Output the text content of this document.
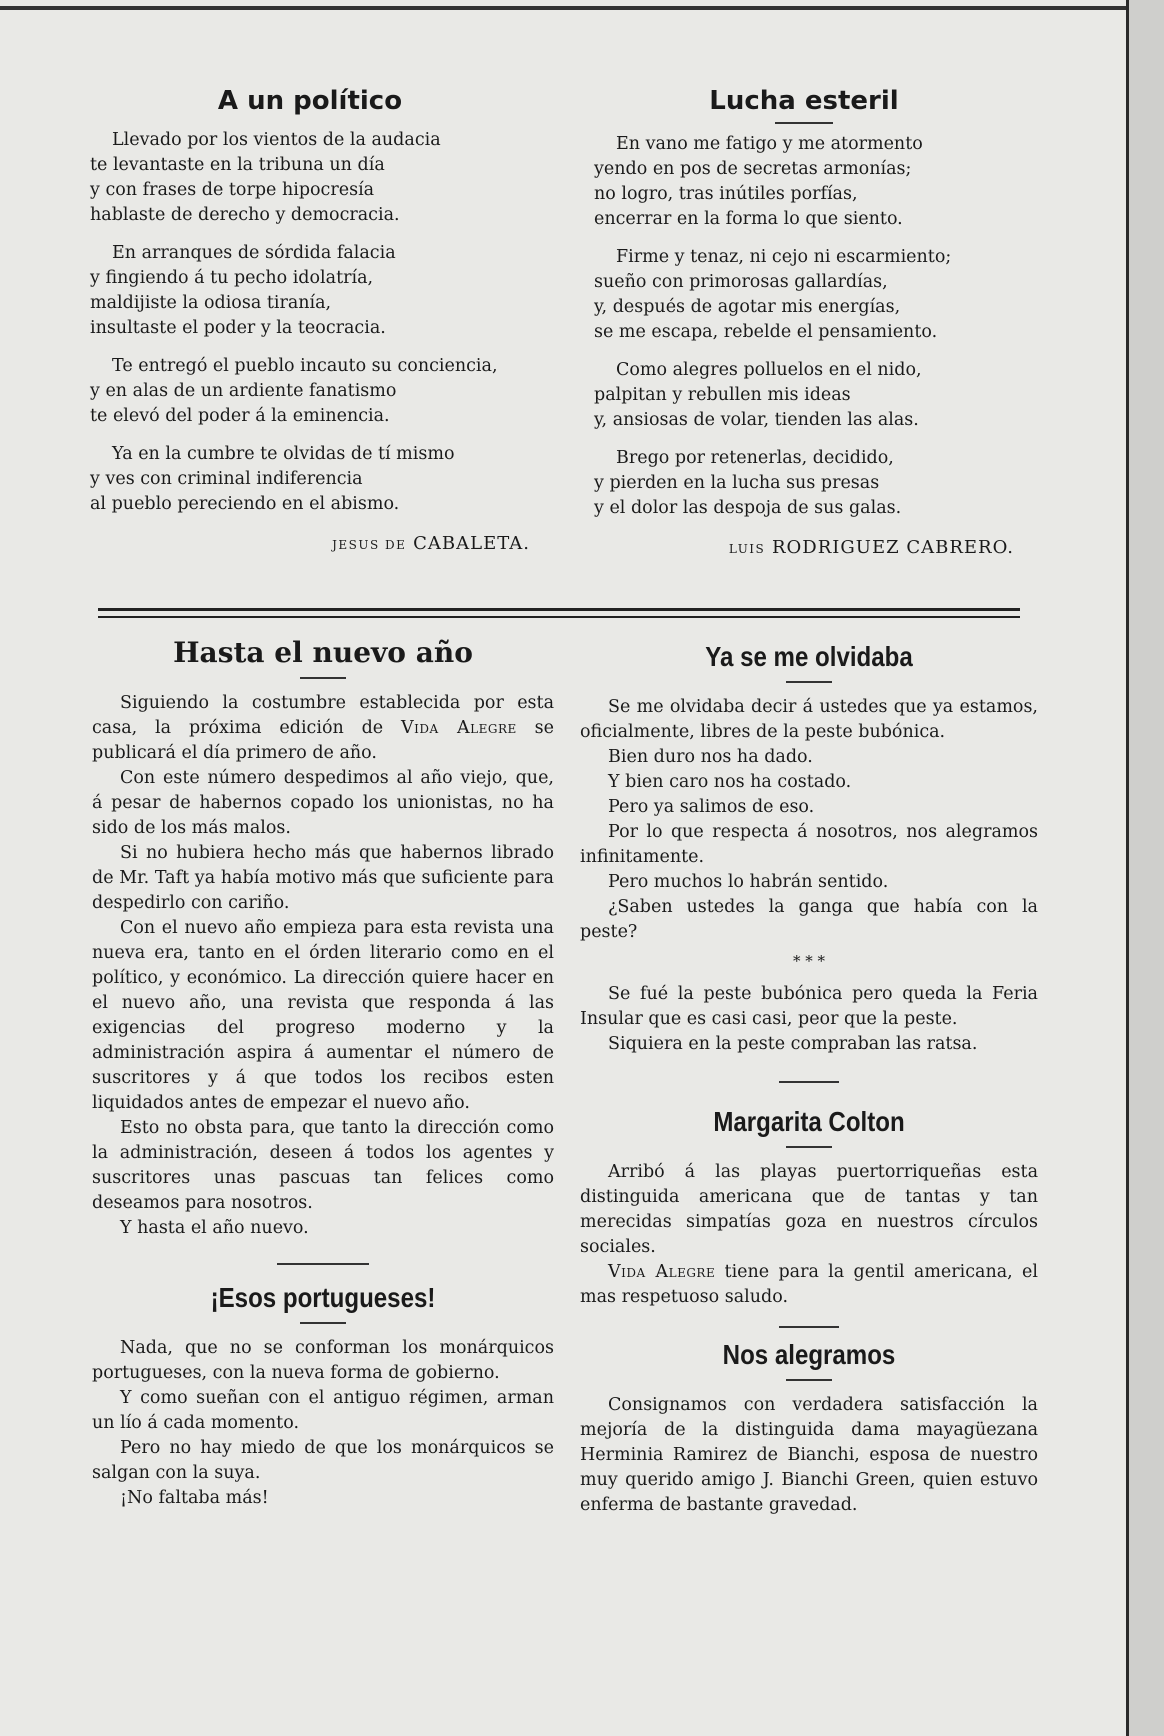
A un político
Llevado por los vientos de la audacia
te levantaste en la tribuna un día
y con frases de torpe hipocresía
hablaste de derecho y democracia.
En arranques de sórdida falacia
y fingiendo á tu pecho idolatría,
maldijiste la odiosa tiranía,
insultaste el poder y la teocracia.
Te entregó el pueblo incauto su conciencia,
y en alas de un ardiente fanatismo
te elevó del poder á la eminencia.
Ya en la cumbre te olvidas de tí mismo
y ves con criminal indiferencia
al pueblo pereciendo en el abismo.
JESUS DE CABALETA.
Lucha esteril
En vano me fatigo y me atormento
yendo en pos de secretas armonías;
no logro, tras inútiles porfías,
encerrar en la forma lo que siento.
Firme y tenaz, ni cejo ni escarmiento;
sueño con primorosas gallardías,
y, después de agotar mis energías,
se me escapa, rebelde el pensamiento.
Como alegres polluelos en el nido,
palpitan y rebullen mis ideas
y, ansiosas de volar, tienden las alas.
Brego por retenerlas, decidido,
y pierden en la lucha sus presas
y el dolor las despoja de sus galas.
LUIS RODRIGUEZ CABRERO.
Hasta el nuevo año

Siguiendo la costumbre establecida por esta casa, la próxima edición de Vida Alegre se publicará el día primero de año.

Con este número despedimos al año viejo, que, á pesar de habernos copado los unionistas, no ha sido de los más malos.

Si no hubiera hecho más que habernos librado de Mr. Taft ya había motivo más que suficiente para despedirlo con cariño.

Con el nuevo año empieza para esta revista una nueva era, tanto en el órden literario como en el político, y económico. La dirección quiere hacer en el nuevo año, una revista que responda á las exigencias del progreso moderno y la administración aspira á aumentar el número de suscritores y á que todos los recibos esten liquidados antes de empezar el nuevo año.

Esto no obsta para, que tanto la dirección como la administración, deseen á todos los agentes y suscritores unas pascuas tan felices como deseamos para nosotros.

Y hasta el año nuevo.

¡Esos portugueses!

Nada, que no se conforman los monárquicos portugueses, con la nueva forma de gobierno.

Y como sueñan con el antiguo régimen, arman un lío á cada momento.

Pero no hay miedo de que los monárquicos se salgan con la suya.

¡No faltaba más!

Ya se me olvidaba

Se me olvidaba decir á ustedes que ya estamos, oficialmente, libres de la peste bubónica.

Bien duro nos ha dado.

Y bien caro nos ha costado.

Pero ya salimos de eso.

Por lo que respecta á nosotros, nos alegramos infinitamente.

Pero muchos lo habrán sentido.

¿Saben ustedes la ganga que había con la peste?

* * *

Se fué la peste bubónica pero queda la Feria Insular que es casi casi, peor que la peste.

Siquiera en la peste compraban las ratsa.

Margarita Colton

Arribó á las playas puertorriqueñas esta distinguida americana que de tantas y tan merecidas simpatías goza en nuestros círculos sociales.

Vida Alegre tiene para la gentil americana, el mas respetuoso saludo.

Nos alegramos

Consignamos con verdadera satisfacción la mejoría de la distinguida dama mayagüezana Herminia Ramirez de Bianchi, esposa de nuestro muy querido amigo J. Bianchi Green, quien estuvo enferma de bastante gravedad.
